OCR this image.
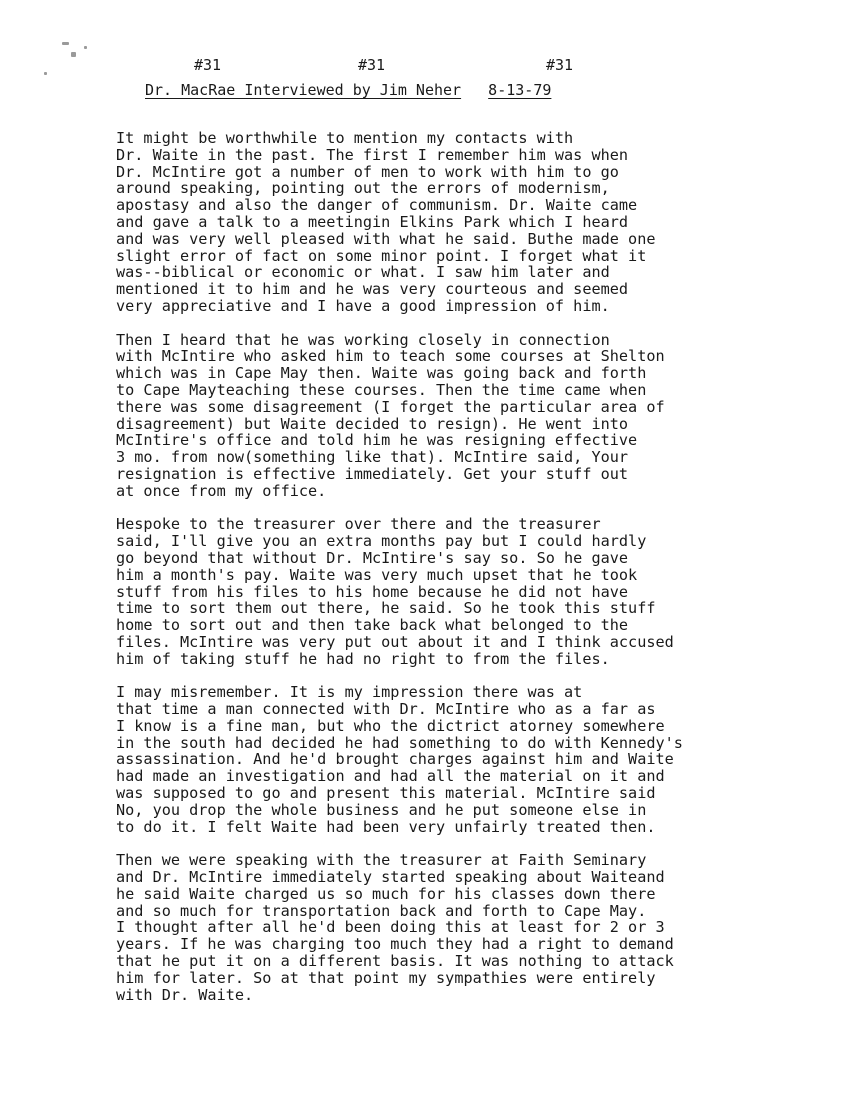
#31	#31	#31
Dr. MacRae Interviewed by Jim Neher 8-13-79

It might be worthwhile to mention my contacts with
Dr. Waite in the past. The first I remember him was when
Dr. McIntire got a number of men to work with him to go
around speaking, pointing out the errors of modernism,
apostasy and also the danger of communism. Dr. Waite came
and gave a talk to a meetingin Elkins Park which I heard
and was very well pleased with what he said. Buthe made one
slight error of fact on some minor point. I forget what it
was--biblical or economic or what. I saw him later and
mentioned it to him and he was very courteous and seemed
very appreciative and I have a good impression of him.

Then I heard that he was working closely in connection
with McIntire who asked him to teach some courses at Shelton
which was in Cape May then. Waite was going back and forth
to Cape Mayteaching these courses. Then the time came when
there was some disagreement (I forget the particular area of
disagreement) but Waite decided to resign). He went into
McIntire's office and told him he was resigning effective
3 mo. from now(something like that). McIntire said, Your
resignation is effective immediately. Get your stuff out
at once from my office.

Hespoke to the treasurer over there and the treasurer
said, I'll give you an extra months pay but I could hardly
go beyond that without Dr. McIntire's say so. So he gave
him a month's pay. Waite was very much upset that he took
stuff from his files to his home because he did not have
time to sort them out there, he said. So he took this stuff
home to sort out and then take back what belonged to the
files. McIntire was very put out about it and I think accused
him of taking stuff he had no right to from the files.

I may misremember. It is my impression there was at
that time a man connected with Dr. McIntire who as a far as
I know is a fine man, but who the dictrict atorney somewhere
in the south had decided he had something to do with Kennedy's
assassination. And he'd brought charges against him and Waite
had made an investigation and had all the material on it and
was supposed to go and present this material. McIntire said
No, you drop the whole business and he put someone else in
to do it. I felt Waite had been very unfairly treated then.

Then we were speaking with the treasurer at Faith Seminary
and Dr. McIntire immediately started speaking about Waiteand
he said Waite charged us so much for his classes down there
and so much for transportation back and forth to Cape May.
I thought after all he'd been doing this at least for 2 or 3
years. If he was charging too much they had a right to demand
that he put it on a different basis. It was nothing to attack
him for later. So at that point my sympathies were entirely
with Dr. Waite.
